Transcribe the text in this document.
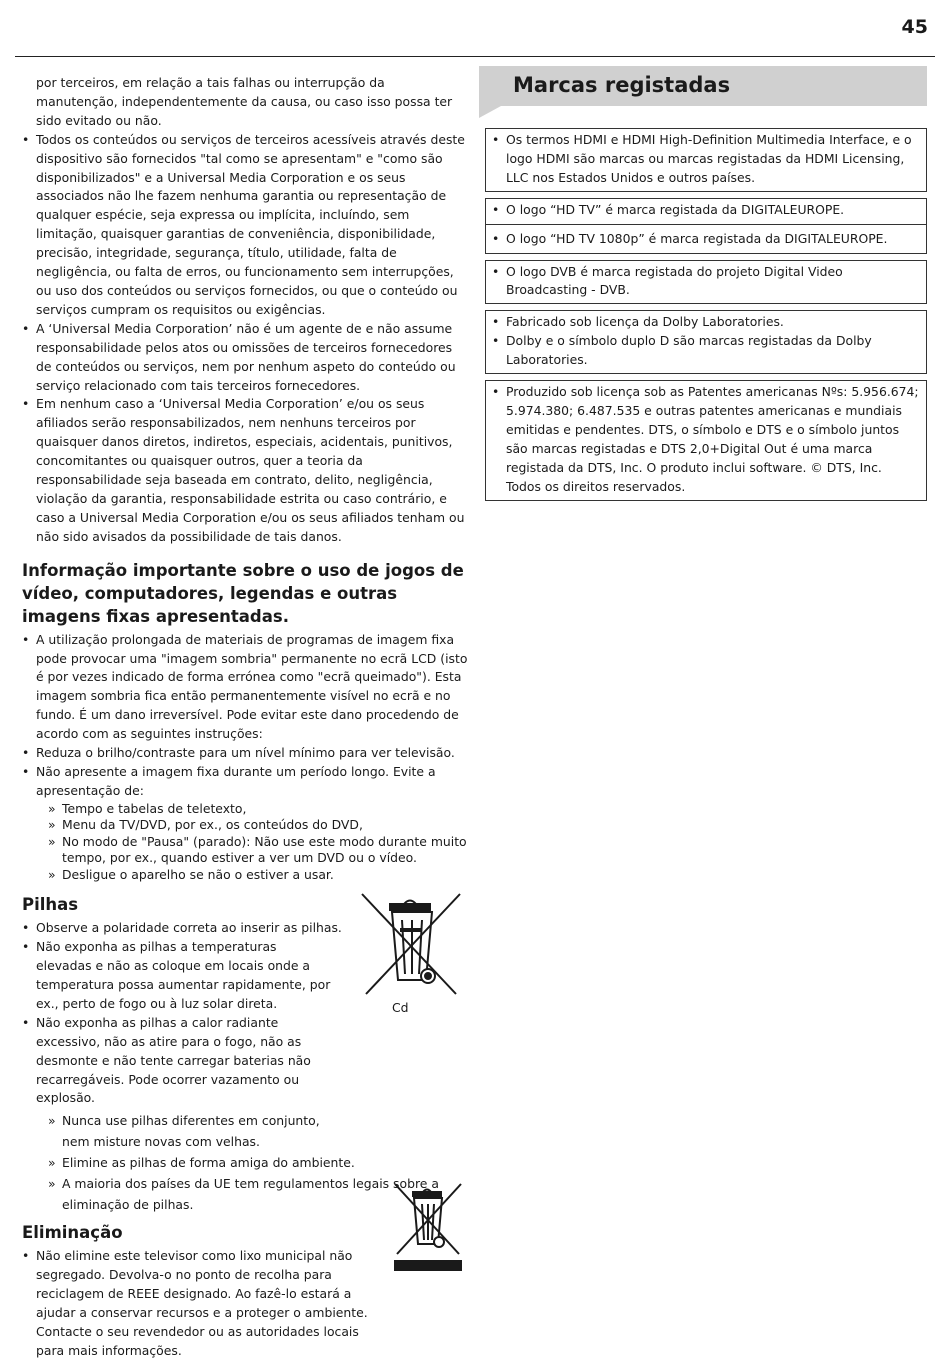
45

por terceiros, em relação a tais falhas ou interrupção da manutenção, independentemente da causa, ou caso isso possa ter sido evitado ou não.

• Todos os conteúdos ou serviços de terceiros acessíveis através deste dispositivo são fornecidos "tal como se apresentam" e "como são disponibilizados" e a Universal Media Corporation e os seus associados não lhe fazem nenhuma garantia ou representação de qualquer espécie, seja expressa ou implícita, incluíndo, sem limitação, quaisquer garantias de conveniência, disponibilidade, precisão, integridade, segurança, título, utilidade, falta de negligência, ou falta de erros, ou funcionamento sem interrupções, ou uso dos conteúdos ou serviços fornecidos, ou que o conteúdo ou serviços cumpram os requisitos ou exigências.
• A ‘Universal Media Corporation’ não é um agente de e não assume responsabilidade pelos atos ou omissões de terceiros fornecedores de conteúdos ou serviços, nem por nenhum aspeto do conteúdo ou serviço relacionado com tais terceiros fornecedores.
• Em nenhum caso a ‘Universal Media Corporation’ e/ou os seus afiliados serão responsabilizados, nem nenhuns terceiros por quaisquer danos diretos, indiretos, especiais, acidentais, punitivos, concomitantes ou quaisquer outros, quer a teoria da responsabilidade seja baseada em contrato, delito, negligência, violação da garantia, responsabilidade estrita ou caso contrário, e caso a Universal Media Corporation e/ou os seus afiliados tenham ou não sido avisados da possibilidade de tais danos.
Informação importante sobre o uso de jogos de vídeo, computadores, legendas e outras imagens fixas apresentadas.
• A utilização prolongada de materiais de programas de imagem fixa pode provocar uma "imagem sombria" permanente no ecrã LCD (isto é por vezes indicado de forma errónea como "ecrã queimado"). Esta imagem sombria fica então permanentemente visível no ecrã e no fundo. É um dano irreversível. Pode evitar este dano procedendo de acordo com as seguintes instruções:
• Reduza o brilho/contraste para um nível mínimo para ver televisão.
• Não apresente a imagem fixa durante um período longo. Evite a apresentação de:
» Tempo e tabelas de teletexto,
» Menu da TV/DVD, por ex., os conteúdos do DVD,
» No modo de "Pausa" (parado): Não use este modo durante muito tempo, por ex., quando estiver a ver um DVD ou o vídeo.
» Desligue o aparelho se não o estiver a usar.
Pilhas
• Observe a polaridade correta ao inserir as pilhas.
• Não exponha as pilhas a temperaturas elevadas e não as coloque em locais onde a temperatura possa aumentar rapidamente, por ex., perto de fogo ou à luz solar direta.
• Não exponha as pilhas a calor radiante excessivo, não as atire para o fogo, não as desmonte e não tente carregar baterias não recarregáveis. Pode ocorrer vazamento ou explosão.
» Nunca use pilhas diferentes em conjunto, nem misture novas com velhas.
» Elimine as pilhas de forma amiga do ambiente.
» A maioria dos países da UE tem regulamentos legais sobre a eliminação de pilhas.
Eliminação
• Não elimine este televisor como lixo municipal não segregado. Devolva-o no ponto de recolha para reciclagem de REEE designado. Ao fazê-lo estará a ajudar a conservar recursos e a proteger o ambiente. Contacte o seu revendedor ou as autoridades locais para mais informações.
Cd
Marcas registadas
• Os termos HDMI e HDMI High-Definition Multimedia Interface, e o logo HDMI são marcas ou marcas registadas da HDMI Licensing, LLC nos Estados Unidos e outros países.
• O logo “HD TV” é marca registada da DIGITALEUROPE.
• O logo “HD TV 1080p” é marca registada da DIGITALEUROPE.
• O logo DVB é marca registada do projeto Digital Video Broadcasting - DVB.
• Fabricado sob licença da Dolby Laboratories.
• Dolby e o símbolo duplo D são marcas registadas da Dolby Laboratories.
• Produzido sob licença sob as Patentes americanas Nºs: 5.956.674; 5.974.380; 6.487.535 e outras patentes americanas e mundiais emitidas e pendentes. DTS, o símbolo e DTS e o símbolo juntos são marcas registadas e DTS 2,0+Digital Out é uma marca registada da DTS, Inc. O produto inclui software. © DTS, Inc. Todos os direitos reservados.
